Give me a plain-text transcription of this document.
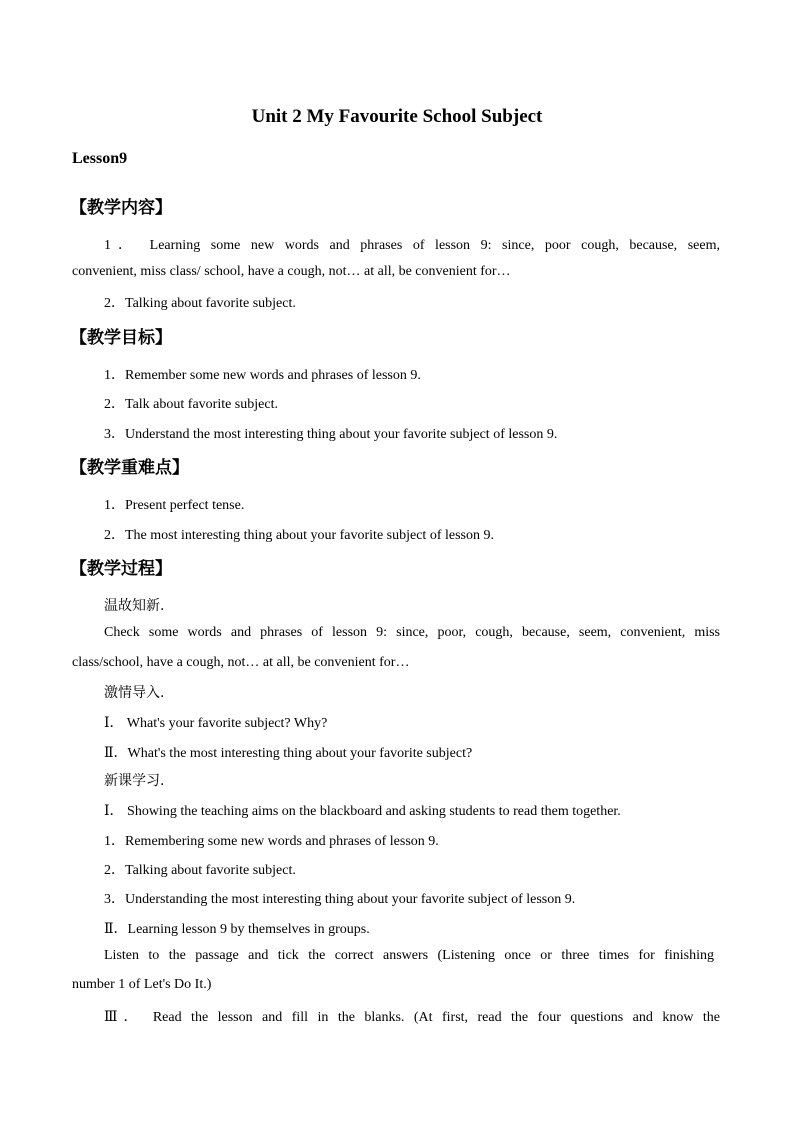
Unit 2 My Favourite School Subject
Lesson9
【教学内容】

1． Learning some new words and phrases of lesson 9: since, poor cough, because, seem,

convenient, miss class/ school, have a cough, not… at all, be convenient for…

2．Talking about favorite subject.

【教学目标】

1．Remember some new words and phrases of lesson 9.

2．Talk about favorite subject.

3．Understand the most interesting thing about your favorite subject of lesson 9.

【教学重难点】

1．Present perfect tense.

2．The most interesting thing about your favorite subject of lesson 9.

【教学过程】

温故知新.

Check some words and phrases of lesson 9: since, poor, cough, because, seem, convenient, miss

class/school, have a cough, not… at all, be convenient for…

激情导入.

Ⅰ． What's your favorite subject? Why?

Ⅱ．What's the most interesting thing about your favorite subject?

新课学习.

Ⅰ． Showing the teaching aims on the blackboard and asking students to read them together.

1．Remembering some new words and phrases of lesson 9.

2．Talking about favorite subject.

3．Understanding the most interesting thing about your favorite subject of lesson 9.

Ⅱ．Learning lesson 9 by themselves in groups.

Listen to the passage and tick the correct answers (Listening once or three times for finishing

number 1 of Let's Do It.)

Ⅲ． Read the lesson and fill in the blanks. (At first, read the four questions and know the
